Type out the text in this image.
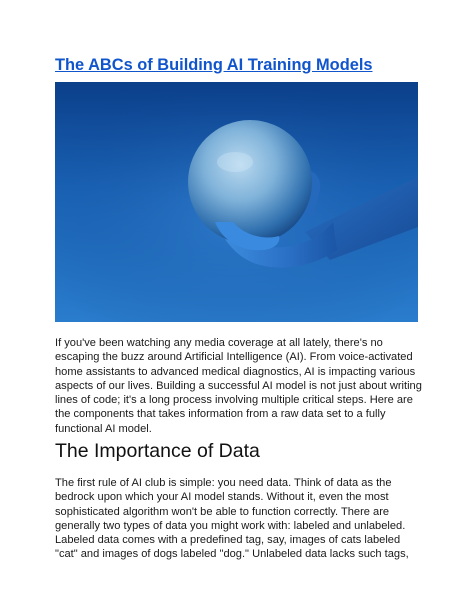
The ABCs of Building AI Training Models

If you've been watching any media coverage at all lately, there's no
escaping the buzz around Artificial Intelligence (AI). From voice-activated
home assistants to advanced medical diagnostics, AI is impacting various
aspects of our lives. Building a successful AI model is not just about writing
lines of code; it's a long process involving multiple critical steps. Here are
the components that takes information from a raw data set to a fully
functional AI model.

The Importance of Data

The first rule of AI club is simple: you need data. Think of data as the
bedrock upon which your AI model stands. Without it, even the most
sophisticated algorithm won't be able to function correctly. There are
generally two types of data you might work with: labeled and unlabeled.
Labeled data comes with a predefined tag, say, images of cats labeled
"cat" and images of dogs labeled "dog." Unlabeled data lacks such tags,
